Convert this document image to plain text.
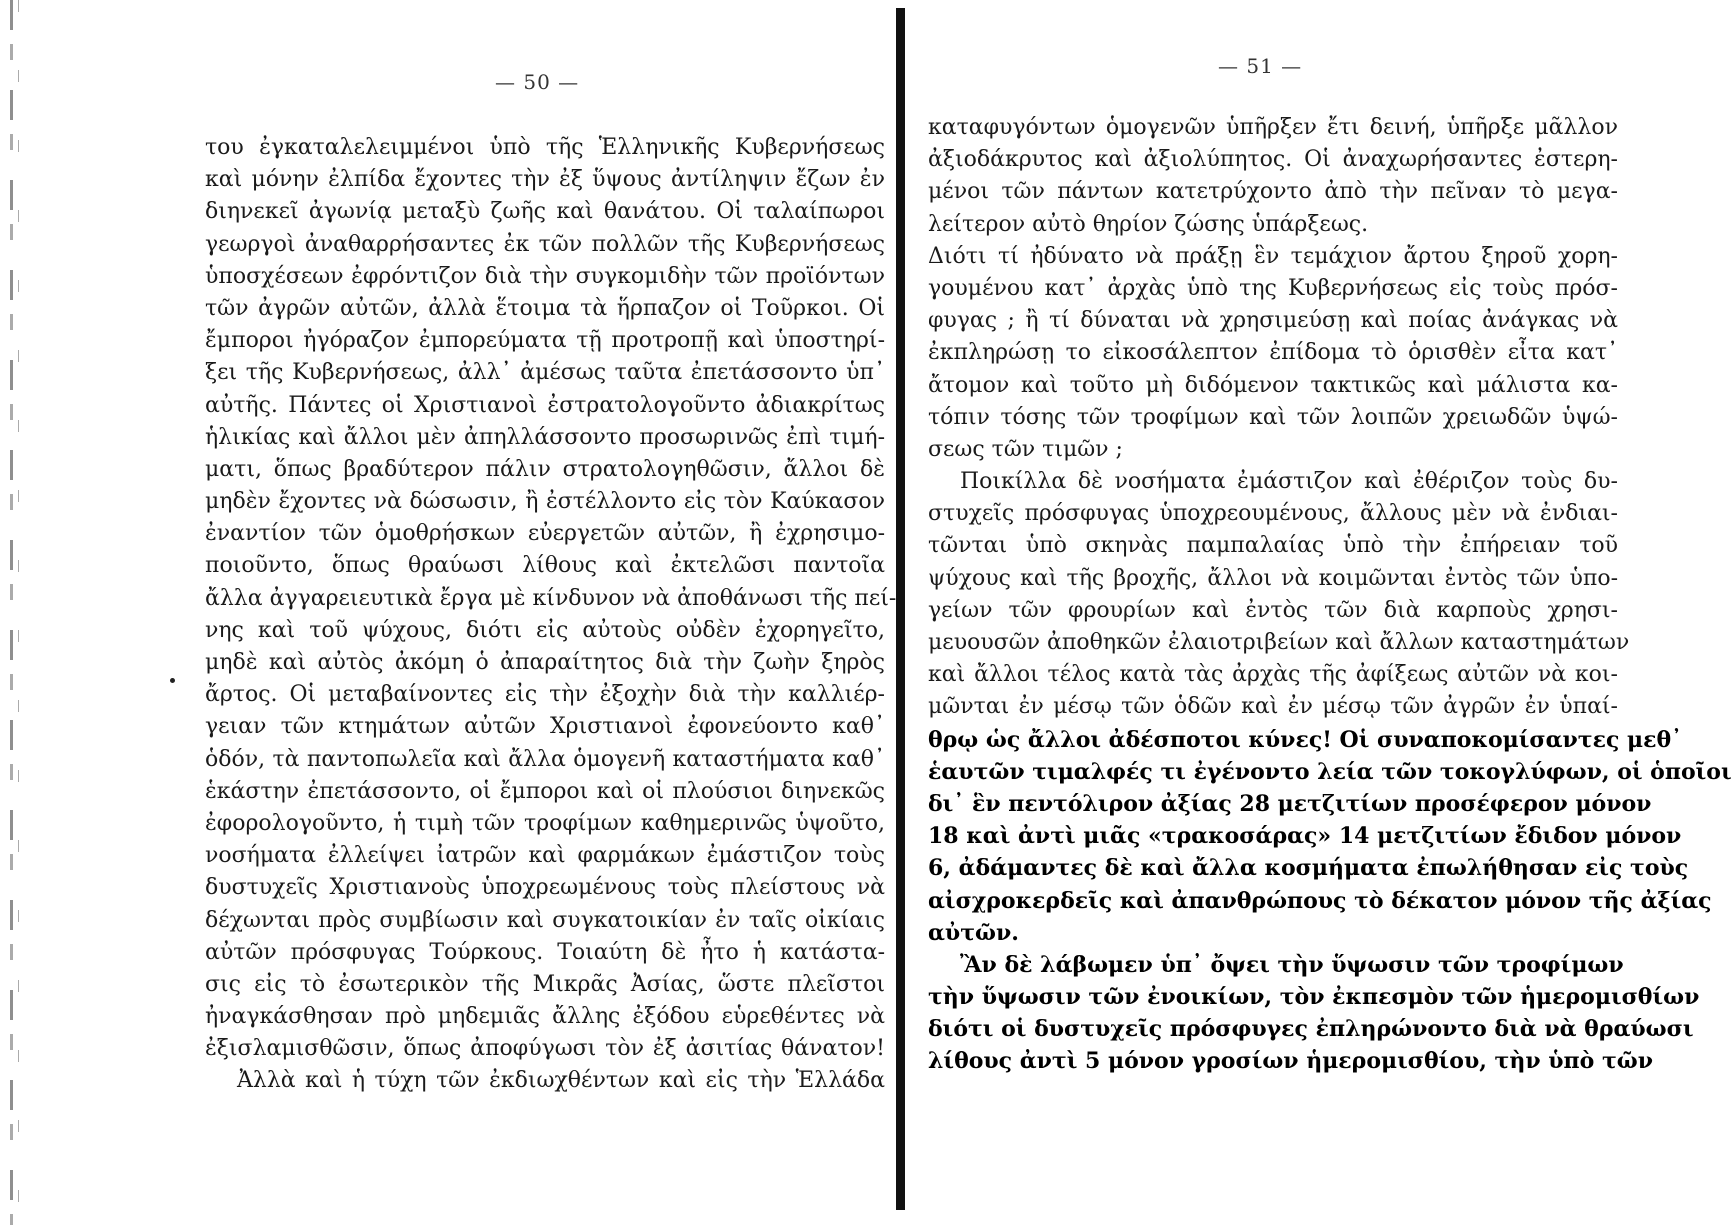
— 50 —
του ἐγκαταλελειμμένοι ὑπὸ τῆς Ἑλληνικῆς Κυβερνήσεως
καὶ μόνην ἐλπίδα ἔχοντες τὴν ἐξ ὕψους ἀντίληψιν ἔζων ἐν
διηνεκεῖ ἀγωνίᾳ μεταξὺ ζωῆς καὶ θανάτου. Οἱ ταλαίπωροι
γεωργοὶ ἀναθαρρήσαντες ἐκ τῶν πολλῶν τῆς Κυβερνήσεως
ὑποσχέσεων ἐφρόντιζον διὰ τὴν συγκομιδὴν τῶν προϊόντων
τῶν ἀγρῶν αὐτῶν, ἀλλὰ ἕτοιμα τὰ ἥρπαζον οἱ Τοῦρκοι. Οἱ
ἔμποροι ἠγόραζον ἐμπορεύματα τῇ προτροπῇ καὶ ὑποστηρί-
ξει τῆς Κυβερνήσεως, ἀλλ᾽ ἀμέσως ταῦτα ἐπετάσσοντο ὑπ᾽
αὐτῆς. Πάντες οἱ Χριστιανοὶ ἐστρατολογοῦντο ἀδιακρίτως
ἡλικίας καὶ ἄλλοι μὲν ἀπηλλάσσοντο προσωρινῶς ἐπὶ τιμή-
ματι, ὅπως βραδύτερον πάλιν στρατολογηθῶσιν, ἄλλοι δὲ
μηδὲν ἔχοντες νὰ δώσωσιν, ἢ ἐστέλλοντο εἰς τὸν Καύκασον
ἐναντίον τῶν ὁμοθρήσκων εὐεργετῶν αὐτῶν, ἢ ἐχρησιμο-
ποιοῦντο, ὅπως θραύωσι λίθους καὶ ἐκτελῶσι παντοῖα
ἄλλα ἀγγαρειευτικὰ ἔργα μὲ κίνδυνον νὰ ἀποθάνωσι τῆς πεί-
νης καὶ τοῦ ψύχους, διότι εἰς αὐτοὺς οὐδὲν ἐχορηγεῖτο,
μηδὲ καὶ αὐτὸς ἀκόμη ὁ ἀπαραίτητος διὰ τὴν ζωὴν ξηρὸς
ἄρτος. Οἱ μεταβαίνοντες εἰς τὴν ἐξοχὴν διὰ τὴν καλλιέρ-
γειαν τῶν κτημάτων αὐτῶν Χριστιανοὶ ἐφονεύοντο καθ᾽
ὁδόν, τὰ παντοπωλεῖα καὶ ἄλλα ὁμογενῆ καταστήματα καθ᾽
ἑκάστην ἐπετάσσοντο, οἱ ἔμποροι καὶ οἱ πλούσιοι διηνεκῶς
ἐφορολογοῦντο, ἡ τιμὴ τῶν τροφίμων καθημερινῶς ὑψοῦτο,
νοσήματα ἐλλείψει ἰατρῶν καὶ φαρμάκων ἐμάστιζον τοὺς
δυστυχεῖς Χριστιανοὺς ὑποχρεωμένους τοὺς πλείστους νὰ
δέχωνται πρὸς συμβίωσιν καὶ συγκατοικίαν ἐν ταῖς οἰκίαις
αὐτῶν πρόσφυγας Τούρκους. Τοιαύτη δὲ ἦτο ἡ κατάστα-
σις εἰς τὸ ἐσωτερικὸν τῆς Μικρᾶς Ἀσίας, ὥστε πλεῖστοι
ἠναγκάσθησαν πρὸ μηδεμιᾶς ἄλλης ἐξόδου εὑρεθέντες νὰ
ἐξισλαμισθῶσιν, ὅπως ἀποφύγωσι τὸν ἐξ ἀσιτίας θάνατον!
Ἀλλὰ καὶ ἡ τύχη τῶν ἐκδιωχθέντων καὶ εἰς τὴν Ἑλλάδα
— 51 —
καταφυγόντων ὁμογενῶν ὑπῆρξεν ἔτι δεινή, ὑπῆρξε μᾶλλον
ἀξιοδάκρυτος καὶ ἀξιολύπητος. Οἱ ἀναχωρήσαντες ἐστερη-
μένοι τῶν πάντων κατετρύχοντο ἀπὸ τὴν πεῖναν τὸ μεγα-
λείτερον αὐτὸ θηρίον ζώσης ὑπάρξεως.
Διότι τί ἠδύνατο νὰ πράξῃ ἓν τεμάχιον ἄρτου ξηροῦ χορη-
γουμένου κατ᾽ ἀρχὰς ὑπὸ της Κυβερνήσεως εἰς τοὺς πρόσ-
φυγας ; ἢ τί δύναται νὰ χρησιμεύσῃ καὶ ποίας ἀνάγκας νὰ
ἐκπληρώσῃ το εἰκοσάλεπτον ἐπίδομα τὸ ὁρισθὲν εἶτα κατ᾽
ἄτομον καὶ τοῦτο μὴ διδόμενον τακτικῶς καὶ μάλιστα κα-
τόπιν τόσης τῶν τροφίμων καὶ τῶν λοιπῶν χρειωδῶν ὑψώ-
σεως τῶν τιμῶν ;
Ποικίλλα δὲ νοσήματα ἐμάστιζον καὶ ἐθέριζον τοὺς δυ-
στυχεῖς πρόσφυγας ὑποχρεουμένους, ἄλλους μὲν νὰ ἐνδιαι-
τῶνται ὑπὸ σκηνὰς παμπαλαίας ὑπὸ τὴν ἐπήρειαν τοῦ
ψύχους καὶ τῆς βροχῆς, ἄλλοι νὰ κοιμῶνται ἐντὸς τῶν ὑπο-
γείων τῶν φρουρίων καὶ ἐντὸς τῶν διὰ καρποὺς χρησι-
μευουσῶν ἀποθηκῶν ἐλαιοτριβείων καὶ ἄλλων καταστημάτων
καὶ ἄλλοι τέλος κατὰ τὰς ἀρχὰς τῆς ἀφίξεως αὐτῶν νὰ κοι-
μῶνται ἐν μέσῳ τῶν ὁδῶν καὶ ἐν μέσῳ τῶν ἀγρῶν ἐν ὑπαί-
θρῳ ὡς ἄλλοι ἀδέσποτοι κύνες! Οἱ συναποκομίσαντες μεθ᾽
ἑαυτῶν τιμαλφές τι ἐγένοντο λεία τῶν τοκογλύφων, οἱ ὁποῖοι
δι᾽ ἓν πεντόλιρον ἀξίας 28 μετζιτίων προσέφερον μόνον
18 καὶ ἀντὶ μιᾶς «τρακοσάρας» 14 μετζιτίων ἔδιδον μόνον
6, ἀδάμαντες δὲ καὶ ἄλλα κοσμήματα ἐπωλήθησαν εἰς τοὺς
αἰσχροκερδεῖς καὶ ἀπανθρώπους τὸ δέκατον μόνον τῆς ἀξίας
αὐτῶν.
Ἂν δὲ λάβωμεν ὑπ᾽ ὄψει τὴν ὕψωσιν τῶν τροφίμων
τὴν ὕψωσιν τῶν ἐνοικίων, τὸν ἐκπεσμὸν τῶν ἡμερομισθίων
διότι οἱ δυστυχεῖς πρόσφυγες ἐπληρώνοντο διὰ νὰ θραύωσι
λίθους ἀντὶ 5 μόνον γροσίων ἡμερομισθίου, τὴν ὑπὸ τῶν
